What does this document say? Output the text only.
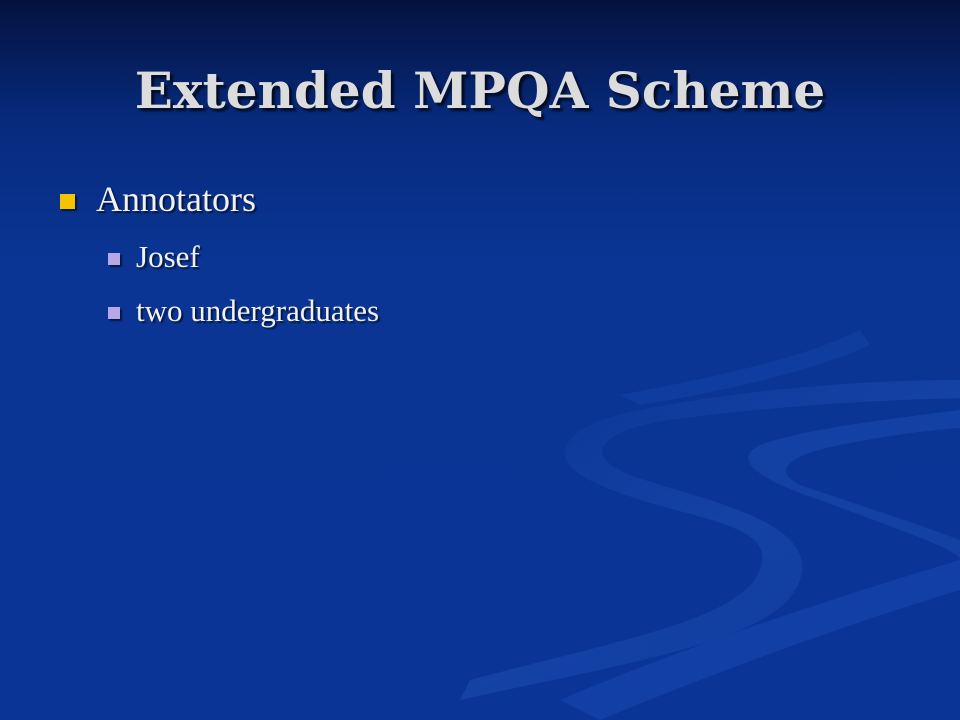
Extended MPQA Scheme
Annotators
Josef
two undergraduates
